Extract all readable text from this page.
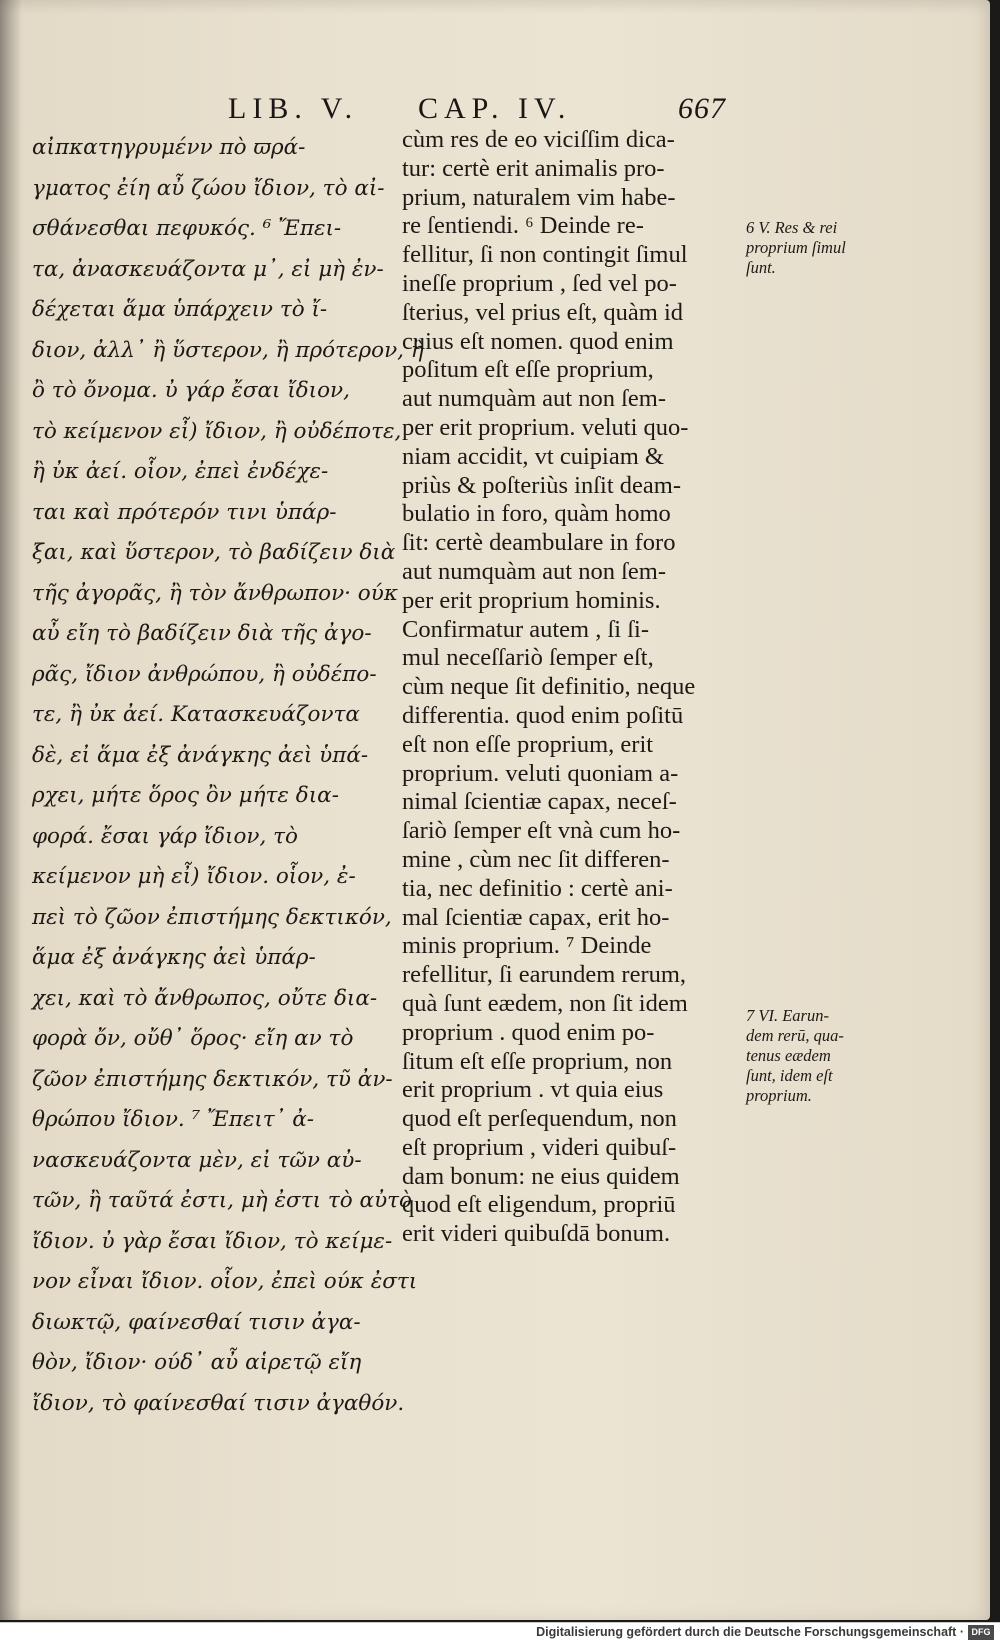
LIB. V. CAP. IV.	667
αἰπκατηγρυμένν πὸ ϖρά-
γματος ἐίη αὖ ζώου ἴδιον, τὸ αἰ-
σθάνεσθαι πεφυκός. ⁶ Ἔπει-
τα, ἀνασκευάζοντα μ᾽, εἰ μὴ ἐν-
δέχεται ἅμα ὑπάρχειν τὸ ἴ-
διον, ἀλλ᾽ ἢ ὕστερον, ἢ πρότερον, ἢ
ὂ τὸ ὄνομα. ὐ γάρ ἔσαι ἴδιον,
τὸ κείμενον εἶ) ἴδιον, ἢ οὐδέποτε,
ἢ ὐκ ἀεί. οἷον, ἐπεὶ ἐνδέχε-
ται καὶ πρότερόν τινι ὑπάρ-
ξαι, καὶ ὕστερον, τὸ βαδίζειν διὰ
τῆς ἀγορᾶς, ἢ τὸν ἄνθρωπον· ούκ
αὖ εἴη τὸ βαδίζειν διὰ τῆς ἀγο-
ρᾶς, ἴδιον ἀνθρώπου, ἢ οὐδέπο-
τε, ἢ ὐκ ἀεί. Κατασκευάζοντα
δὲ, εἰ ἅμα ἐξ ἀνάγκης ἀεὶ ὑπά-
ρχει, μήτε ὅρος ὂν μήτε δια-
φορά. ἔσαι γάρ ἴδιον, τὸ
κείμενον μὴ εἶ) ἴδιον. οἷον, ἐ-
πεὶ τὸ ζῶον ἐπιστήμης δεκτικόν,
ἅμα ἐξ ἀνάγκης ἀεὶ ὑπάρ-
χει, καὶ τὸ ἄνθρωπος, οὔτε δια-
φορὰ ὄν, οὔθ᾽ ὅρος· εἴη αν τὸ
ζῶον ἐπιστήμης δεκτικόν, τῦ ἀν-
θρώπου ἴδιον. ⁷ Ἔπειτ᾽ ἀ-
νασκευάζοντα μὲν, εἰ τῶν αὐ-
τῶν, ἢ ταῦτά ἐστι, μὴ ἐστι τὸ αὐτὸ
ἴδιον. ὐ γὰρ ἔσαι ἴδιον, τὸ κείμε-
νον εἶναι ἴδιον. οἷον, ἐπεὶ ούκ ἐστι
διωκτῷ, φαίνεσθαί τισιν ἀγα-
θὸν, ἴδιον· ούδ᾽ αὖ αἱρετῷ εἴη
ἴδιον, τὸ φαίνεσθαί τισιν ἀγαθόν.
cùm res de eo viciſſim dica-
tur: certè erit animalis pro-
prium, naturalem vim habe-
re ſentiendi. ⁶ Deinde re-
fellitur, ſi non contingit ſimul
ineſſe proprium , ſed vel po-
ſterius, vel prius eſt, quàm id
cuius eſt nomen. quod enim
poſitum eſt eſſe proprium,
aut numquàm aut non ſem-
per erit proprium. veluti quo-
niam accidit, vt cuipiam &
priùs & poſteriùs inſit deam-
bulatio in foro, quàm homo
ſit: certè deambulare in foro
aut numquàm aut non ſem-
per erit proprium hominis.
Confirmatur autem , ſi ſi-
mul neceſſariò ſemper eſt,
cùm neque ſit definitio, neque
differentia. quod enim poſitū
eſt non eſſe proprium, erit
proprium. veluti quoniam a-
nimal ſcientiæ capax, neceſ-
ſariò ſemper eſt vnà cum ho-
mine , cùm nec ſit differen-
tia, nec definitio : certè ani-
mal ſcientiæ capax, erit ho-
minis proprium. ⁷ Deinde
refellitur, ſi earundem rerum,
quà ſunt eædem, non ſit idem
proprium . quod enim po-
ſitum eſt eſſe proprium, non
erit proprium . vt quia eius
quod eſt perſequendum, non
eſt proprium , videri quibuſ-
dam bonum: ne eius quidem
quod eſt eligendum, propriū
erit videri quibuſdā bonum.
6 V. Res & rei
proprium ſimul
ſunt.
7 VI. Earun-
dem rerū, qua-
tenus eædem
ſunt, idem eſt
proprium.
Digitalisierung gefördert durch die Deutsche Forschungsgemeinschaft · DFG
